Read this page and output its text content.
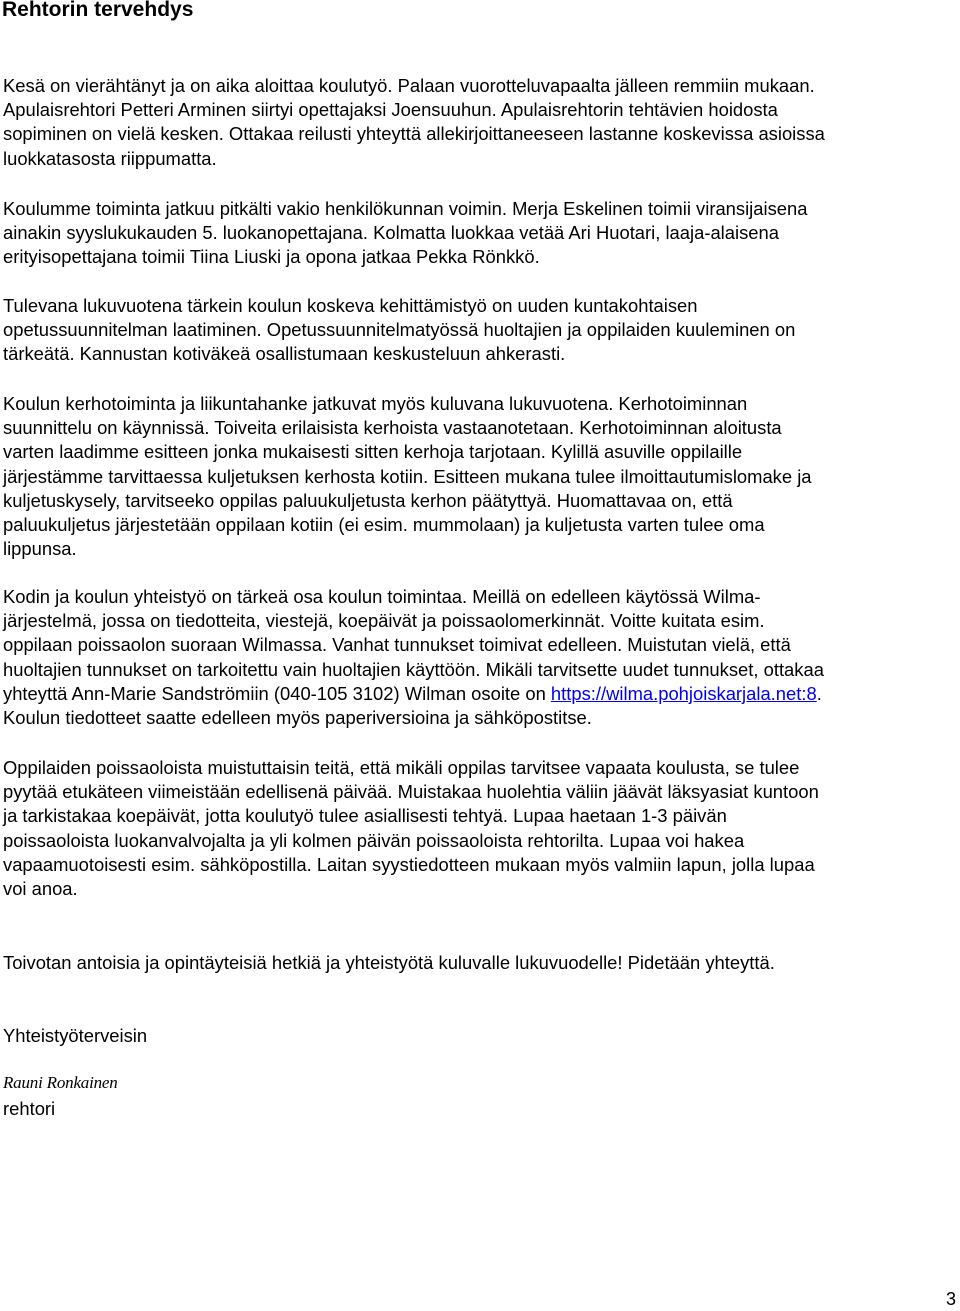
Rehtorin tervehdys

Kesä on vierähtänyt ja on aika aloittaa koulutyö. Palaan vuorotteluvapaalta jälleen remmiin mukaan.
Apulaisrehtori Petteri Arminen siirtyi opettajaksi Joensuuhun. Apulaisrehtorin tehtävien hoidosta
sopiminen on vielä kesken. Ottakaa reilusti yhteyttä allekirjoittaneeseen lastanne koskevissa asioissa
luokkatasosta riippumatta.

Koulumme toiminta jatkuu pitkälti vakio henkilökunnan voimin. Merja Eskelinen toimii viransijaisena
ainakin syyslukukauden 5. luokanopettajana. Kolmatta luokkaa vetää Ari Huotari, laaja-alaisena
erityisopettajana toimii Tiina Liuski ja opona jatkaa Pekka Rönkkö.

Tulevana lukuvuotena tärkein koulun koskeva kehittämistyö on uuden kuntakohtaisen
opetussuunnitelman laatiminen. Opetussuunnitelmatyössä huoltajien ja oppilaiden kuuleminen on
tärkeätä. Kannustan kotiväkeä osallistumaan keskusteluun ahkerasti.

Koulun kerhotoiminta ja liikuntahanke jatkuvat myös kuluvana lukuvuotena. Kerhotoiminnan
suunnittelu on käynnissä. Toiveita erilaisista kerhoista vastaanotetaan. Kerhotoiminnan aloitusta
varten laadimme esitteen jonka mukaisesti sitten kerhoja tarjotaan. Kylillä asuville oppilaille
järjestämme tarvittaessa kuljetuksen kerhosta kotiin. Esitteen mukana tulee ilmoittautumislomake ja
kuljetuskysely, tarvitseeko oppilas paluukuljetusta kerhon päätyttyä. Huomattavaa on, että
paluukuljetus järjestetään oppilaan kotiin (ei esim. mummolaan) ja kuljetusta varten tulee oma
lippunsa.

Kodin ja koulun yhteistyö on tärkeä osa koulun toimintaa. Meillä on edelleen käytössä Wilma-
järjestelmä, jossa on tiedotteita, viestejä, koepäivät ja poissaolomerkinnät. Voitte kuitata esim.
oppilaan poissaolon suoraan Wilmassa. Vanhat tunnukset toimivat edelleen. Muistutan vielä, että
huoltajien tunnukset on tarkoitettu vain huoltajien käyttöön. Mikäli tarvitsette uudet tunnukset, ottakaa
yhteyttä Ann-Marie Sandströmiin (040-105 3102) Wilman osoite on https://wilma.pohjoiskarjala.net:8.
Koulun tiedotteet saatte edelleen myös paperiversioina ja sähköpostitse.

Oppilaiden poissaoloista muistuttaisin teitä, että mikäli oppilas tarvitsee vapaata koulusta, se tulee
pyytää etukäteen viimeistään edellisenä päivää. Muistakaa huolehtia väliin jäävät läksyasiat kuntoon
ja tarkistakaa koepäivät, jotta koulutyö tulee asiallisesti tehtyä. Lupaa haetaan 1-3 päivän
poissaoloista luokanvalvojalta ja yli kolmen päivän poissaoloista rehtorilta. Lupaa voi hakea
vapaamuotoisesti esim. sähköpostilla. Laitan syystiedotteen mukaan myös valmiin lapun, jolla lupaa
voi anoa.

Toivotan antoisia ja opintäyteisiä hetkiä ja yhteistyötä kuluvalle lukuvuodelle! Pidetään yhteyttä.

Yhteistyöterveisin

Rauni Ronkainen

rehtori

3
